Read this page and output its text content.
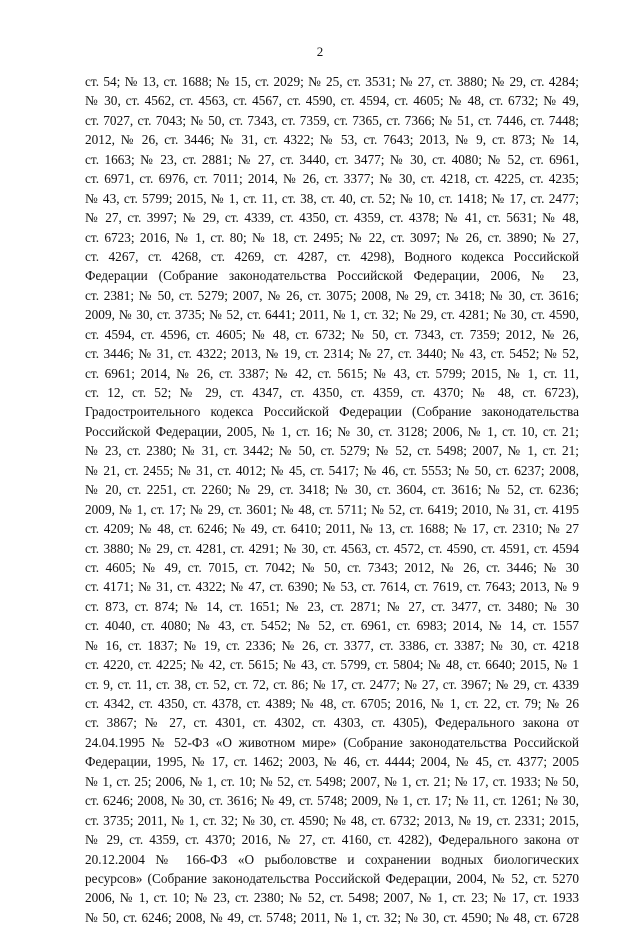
2
ст. 54; № 13, ст. 1688; № 15, ст. 2029; № 25, ст. 3531; № 27, ст. 3880; № 29, ст. 4284;
№ 30, ст. 4562, ст. 4563, ст. 4567, ст. 4590, ст. 4594, ст. 4605; № 48, ст. 6732; № 49,
ст. 7027, ст. 7043; № 50, ст. 7343, ст. 7359, ст. 7365, ст. 7366; № 51, ст. 7446, ст. 7448;
2012, № 26, ст. 3446; № 31, ст. 4322; № 53, ст. 7643; 2013, № 9, ст. 873; № 14,
ст. 1663; № 23, ст. 2881; № 27, ст. 3440, ст. 3477; № 30, ст. 4080; № 52, ст. 6961,
ст. 6971, ст. 6976, ст. 7011; 2014, № 26, ст. 3377; № 30, ст. 4218, ст. 4225, ст. 4235;
№ 43, ст. 5799; 2015, № 1, ст. 11, ст. 38, ст. 40, ст. 52; № 10, ст. 1418; № 17, ст. 2477;
№ 27, ст. 3997; № 29, ст. 4339, ст. 4350, ст. 4359, ст. 4378; № 41, ст. 5631; № 48,
ст. 6723; 2016, № 1, ст. 80; № 18, ст. 2495; № 22, ст. 3097; № 26, ст. 3890; № 27,
ст. 4267, ст. 4268, ст. 4269, ст. 4287, ст. 4298), Водного кодекса Российской
Федерации (Собрание законодательства Российской Федерации, 2006, № 23,
ст. 2381; № 50, ст. 5279; 2007, № 26, ст. 3075; 2008, № 29, ст. 3418; № 30, ст. 3616;
2009, № 30, ст. 3735; № 52, ст. 6441; 2011, № 1, ст. 32; № 29, ст. 4281; № 30, ст. 4590,
ст. 4594, ст. 4596, ст. 4605; № 48, ст. 6732; № 50, ст. 7343, ст. 7359; 2012, № 26,
ст. 3446; № 31, ст. 4322; 2013, № 19, ст. 2314; № 27, ст. 3440; № 43, ст. 5452; № 52,
ст. 6961; 2014, № 26, ст. 3387; № 42, ст. 5615; № 43, ст. 5799; 2015, № 1, ст. 11,
ст. 12, ст. 52; № 29, ст. 4347, ст. 4350, ст. 4359, ст. 4370; № 48, ст. 6723),
Градостроительного кодекса Российской Федерации (Собрание законодательства
Российской Федерации, 2005, № 1, ст. 16; № 30, ст. 3128; 2006, № 1, ст. 10, ст. 21;
№ 23, ст. 2380; № 31, ст. 3442; № 50, ст. 5279; № 52, ст. 5498; 2007, № 1, ст. 21;
№ 21, ст. 2455; № 31, ст. 4012; № 45, ст. 5417; № 46, ст. 5553; № 50, ст. 6237; 2008,
№ 20, ст. 2251, ст. 2260; № 29, ст. 3418; № 30, ст. 3604, ст. 3616; № 52, ст. 6236;
2009, № 1, ст. 17; № 29, ст. 3601; № 48, ст. 5711; № 52, ст. 6419; 2010, № 31, ст. 4195
ст. 4209; № 48, ст. 6246; № 49, ст. 6410; 2011, № 13, ст. 1688; № 17, ст. 2310; № 27
ст. 3880; № 29, ст. 4281, ст. 4291; № 30, ст. 4563, ст. 4572, ст. 4590, ст. 4591, ст. 4594
ст. 4605; № 49, ст. 7015, ст. 7042; № 50, ст. 7343; 2012, № 26, ст. 3446; № 30
ст. 4171; № 31, ст. 4322; № 47, ст. 6390; № 53, ст. 7614, ст. 7619, ст. 7643; 2013, № 9
ст. 873, ст. 874; № 14, ст. 1651; № 23, ст. 2871; № 27, ст. 3477, ст. 3480; № 30
ст. 4040, ст. 4080; № 43, ст. 5452; № 52, ст. 6961, ст. 6983; 2014, № 14, ст. 1557
№ 16, ст. 1837; № 19, ст. 2336; № 26, ст. 3377, ст. 3386, ст. 3387; № 30, ст. 4218
ст. 4220, ст. 4225; № 42, ст. 5615; № 43, ст. 5799, ст. 5804; № 48, ст. 6640; 2015, № 1
ст. 9, ст. 11, ст. 38, ст. 52, ст. 72, ст. 86; № 17, ст. 2477; № 27, ст. 3967; № 29, ст. 4339
ст. 4342, ст. 4350, ст. 4378, ст. 4389; № 48, ст. 6705; 2016, № 1, ст. 22, ст. 79; № 26
ст. 3867; № 27, ст. 4301, ст. 4302, ст. 4303, ст. 4305), Федерального закона от
24.04.1995 № 52-ФЗ «О животном мире» (Собрание законодательства Российской
Федерации, 1995, № 17, ст. 1462; 2003, № 46, ст. 4444; 2004, № 45, ст. 4377; 2005
№ 1, ст. 25; 2006, № 1, ст. 10; № 52, ст. 5498; 2007, № 1, ст. 21; № 17, ст. 1933; № 50,
ст. 6246; 2008, № 30, ст. 3616; № 49, ст. 5748; 2009, № 1, ст. 17; № 11, ст. 1261; № 30,
ст. 3735; 2011, № 1, ст. 32; № 30, ст. 4590; № 48, ст. 6732; 2013, № 19, ст. 2331; 2015,
№ 29, ст. 4359, ст. 4370; 2016, № 27, ст. 4160, ст. 4282), Федерального закона от
20.12.2004 № 166-ФЗ «О рыболовстве и сохранении водных биологических
ресурсов» (Собрание законодательства Российской Федерации, 2004, № 52, ст. 5270
2006, № 1, ст. 10; № 23, ст. 2380; № 52, ст. 5498; 2007, № 1, ст. 23; № 17, ст. 1933
№ 50, ст. 6246; 2008, № 49, ст. 5748; 2011, № 1, ст. 32; № 30, ст. 4590; № 48, ст. 6728
